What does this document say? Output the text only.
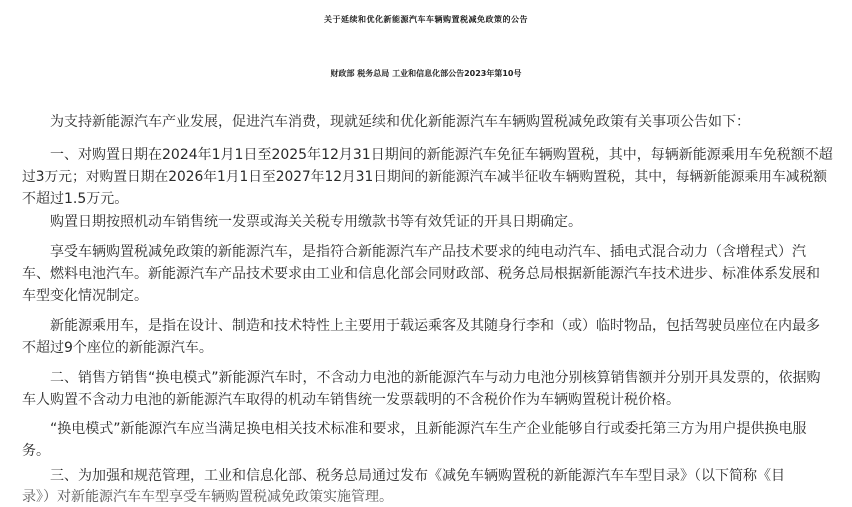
关于延续和优化新能源汽车车辆购置税减免政策的公告
财政部 税务总局 工业和信息化部公告2023年第10号
为支持新能源汽车产业发展，促进汽车消费，现就延续和优化新能源汽车车辆购置税减免政策有关事项公告如下：
一、对购置日期在2024年1月1日至2025年12月31日期间的新能源汽车免征车辆购置税，其中，每辆新能源乘用车免税额不超
过3万元；对购置日期在2026年1月1日至2027年12月31日期间的新能源汽车减半征收车辆购置税，其中，每辆新能源乘用车减税额
不超过1.5万元。
购置日期按照机动车销售统一发票或海关关税专用缴款书等有效凭证的开具日期确定。
享受车辆购置税减免政策的新能源汽车，是指符合新能源汽车产品技术要求的纯电动汽车、插电式混合动力（含增程式）汽
车、燃料电池汽车。新能源汽车产品技术要求由工业和信息化部会同财政部、税务总局根据新能源汽车技术进步、标准体系发展和
车型变化情况制定。
新能源乘用车，是指在设计、制造和技术特性上主要用于载运乘客及其随身行李和（或）临时物品，包括驾驶员座位在内最多
不超过9个座位的新能源汽车。
二、销售方销售“换电模式”新能源汽车时，不含动力电池的新能源汽车与动力电池分别核算销售额并分别开具发票的，依据购
车人购置不含动力电池的新能源汽车取得的机动车销售统一发票载明的不含税价作为车辆购置税计税价格。
“换电模式”新能源汽车应当满足换电相关技术标准和要求，且新能源汽车生产企业能够自行或委托第三方为用户提供换电服
务。
三、为加强和规范管理，工业和信息化部、税务总局通过发布《减免车辆购置税的新能源汽车车型目录》（以下简称《目
录》）对新能源汽车车型享受车辆购置税减免政策实施管理。
